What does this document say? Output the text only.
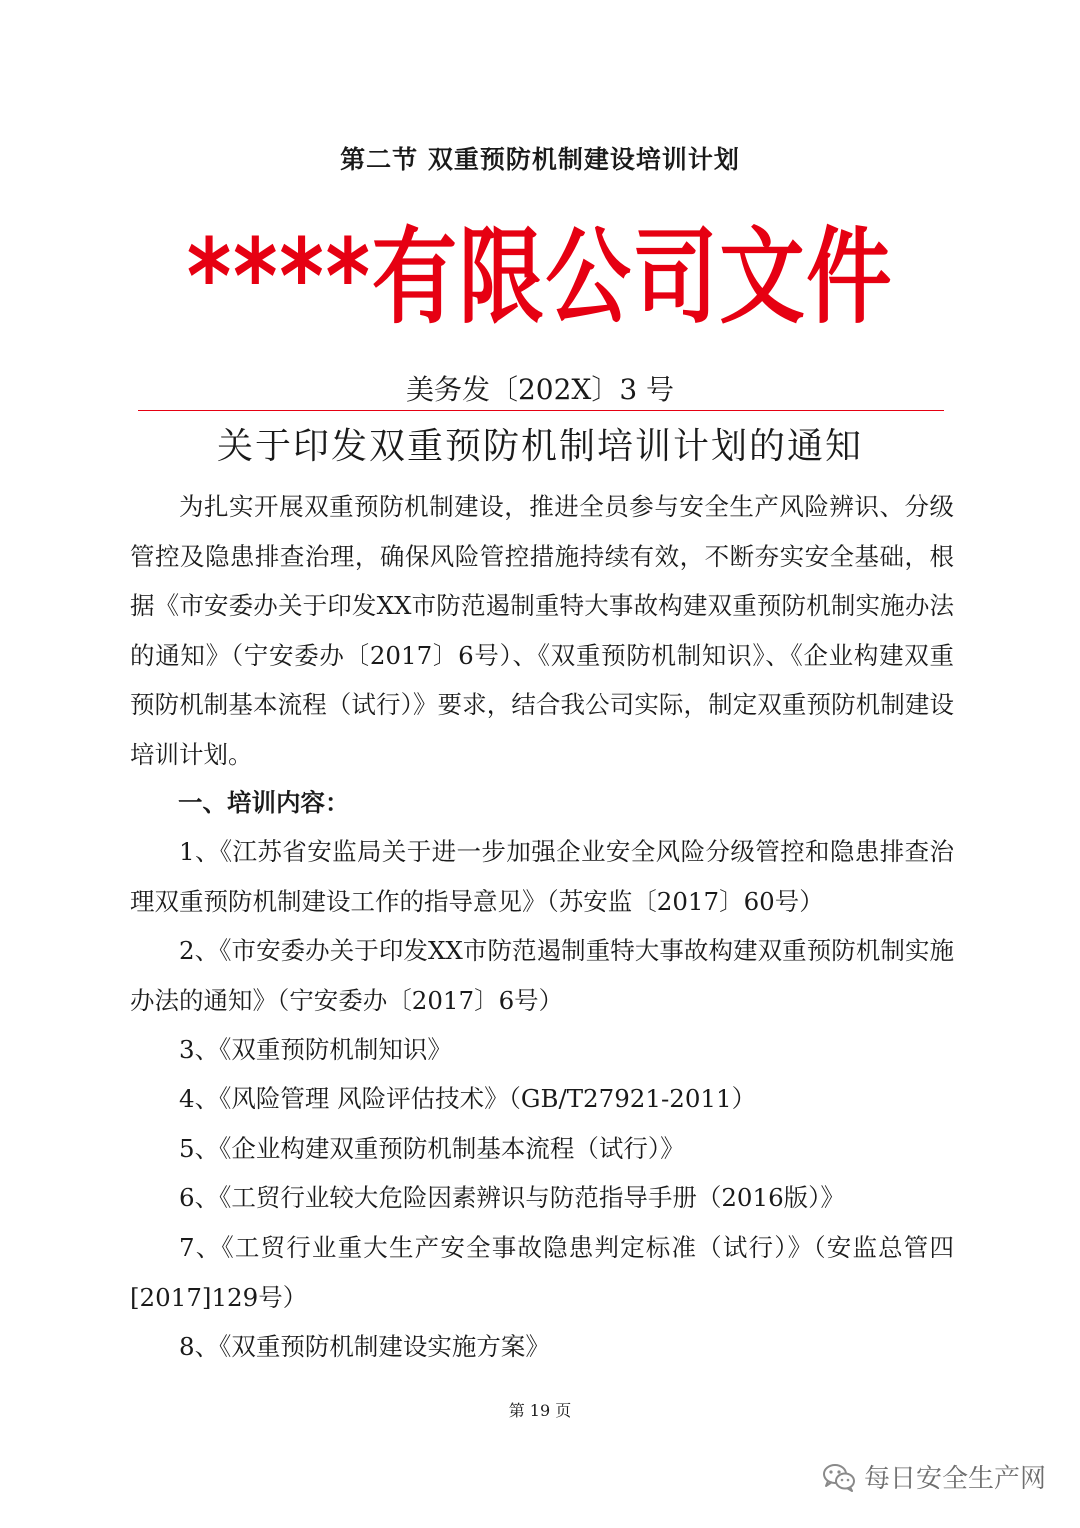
第二节 双重预防机制建设培训计划
****有限公司文件
美务发〔202X〕3 号
关于印发双重预防机制培训计划的通知
为扎实开展双重预防机制建设，推进全员参与安全生产风险辨识、分级管控及隐患排查治理，确保风险管控措施持续有效，不断夯实安全基础，根据《市安委办关于印发XX市防范遏制重特大事故构建双重预防机制实施办法的通知》（宁安委办〔2017〕6号）、《双重预防机制知识》、《企业构建双重预防机制基本流程（试行）》要求，结合我公司实际，制定双重预防机制建设培训计划。
一、培训内容：
1、《江苏省安监局关于进一步加强企业安全风险分级管控和隐患排查治理双重预防机制建设工作的指导意见》（苏安监〔2017〕60号）
2、《市安委办关于印发XX市防范遏制重特大事故构建双重预防机制实施办法的通知》（宁安委办〔2017〕6号）
3、《双重预防机制知识》
4、《风险管理 风险评估技术》（GB/T27921-2011）
5、《企业构建双重预防机制基本流程（试行）》
6、《工贸行业较大危险因素辨识与防范指导手册（2016版）》
7、《工贸行业重大生产安全事故隐患判定标准（试行）》（安监总管四[2017]129号）
8、《双重预防机制建设实施方案》
第 19 页
每日安全生产网
